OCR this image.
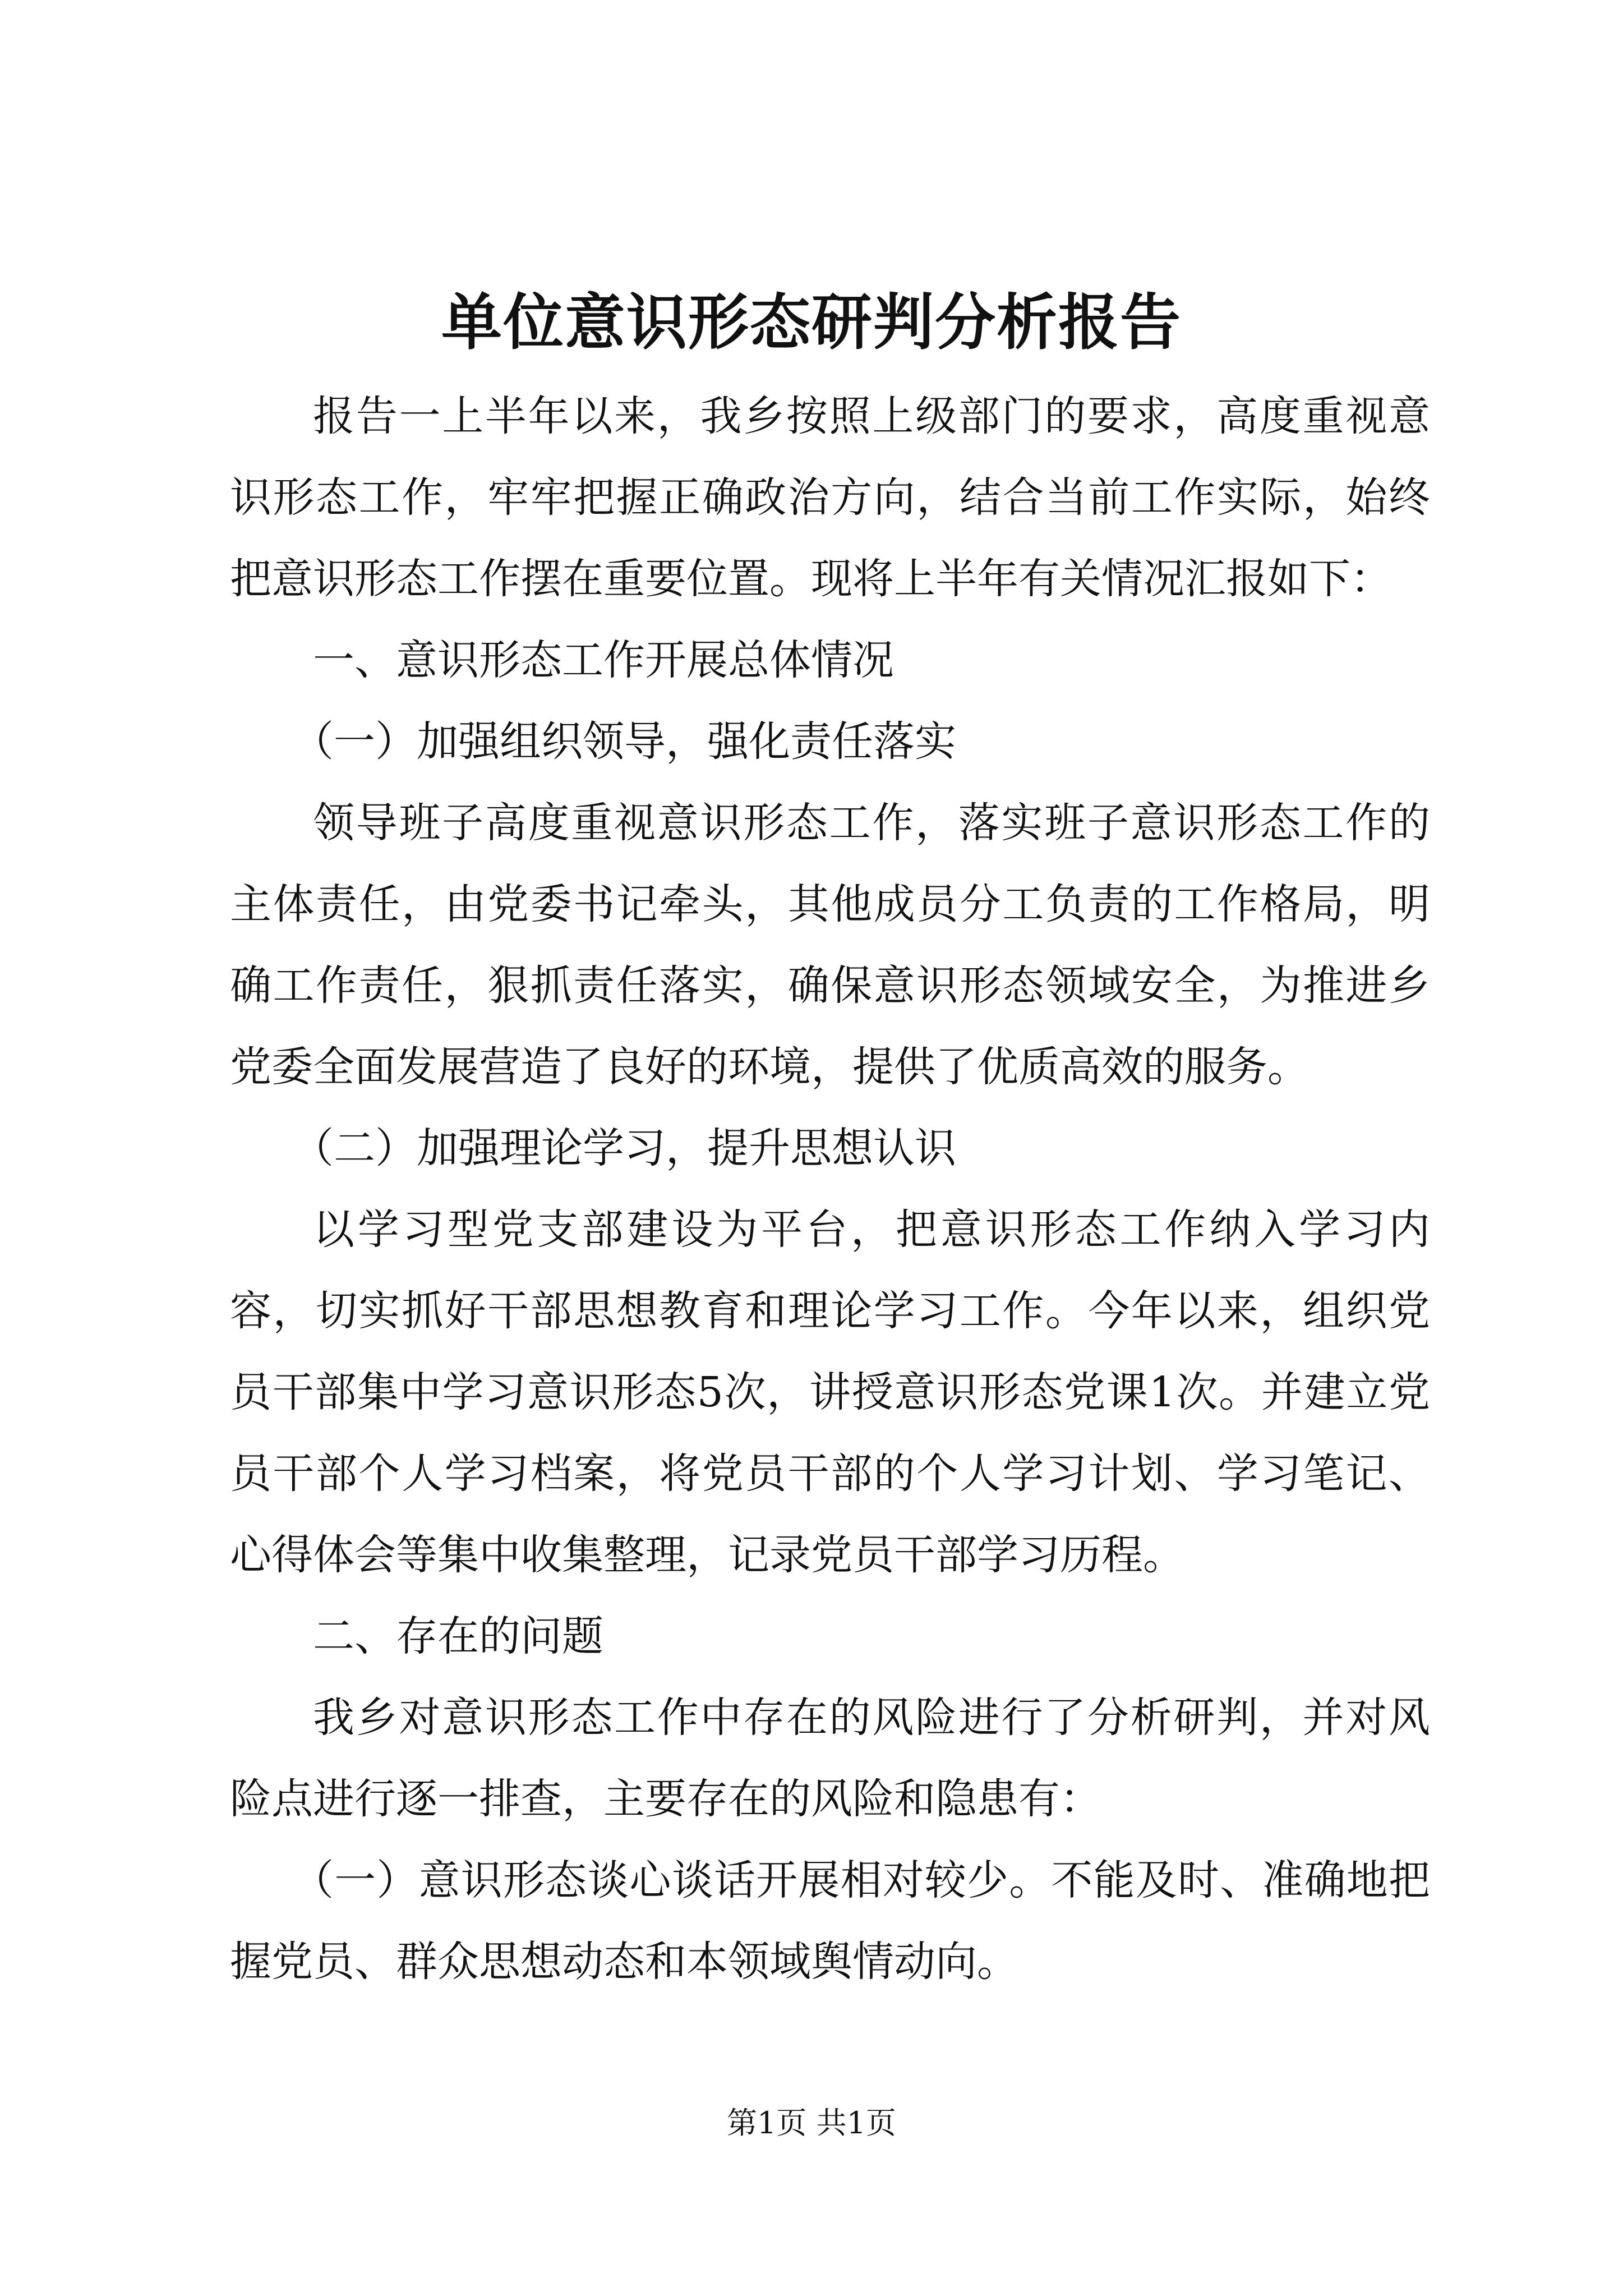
单位意识形态研判分析报告

报告一上半年以来，我乡按照上级部门的要求，高度重视意识形态工作，牢牢把握正确政治方向，结合当前工作实际，始终把意识形态工作摆在重要位置。现将上半年有关情况汇报如下：

一、意识形态工作开展总体情况

（一）加强组织领导，强化责任落实

领导班子高度重视意识形态工作，落实班子意识形态工作的主体责任，由党委书记牵头，其他成员分工负责的工作格局，明确工作责任，狠抓责任落实，确保意识形态领域安全，为推进乡党委全面发展营造了良好的环境，提供了优质高效的服务。

（二）加强理论学习，提升思想认识

以学习型党支部建设为平台，把意识形态工作纳入学习内容，切实抓好干部思想教育和理论学习工作。今年以来，组织党员干部集中学习意识形态5次，讲授意识形态党课1次。并建立党员干部个人学习档案，将党员干部的个人学习计划、学习笔记、心得体会等集中收集整理，记录党员干部学习历程。

二、存在的问题

我乡对意识形态工作中存在的风险进行了分析研判，并对风险点进行逐一排查，主要存在的风险和隐患有：

（一）意识形态谈心谈话开展相对较少。不能及时、准确地把握党员、群众思想动态和本领域舆情动向。

第1页 共1页
